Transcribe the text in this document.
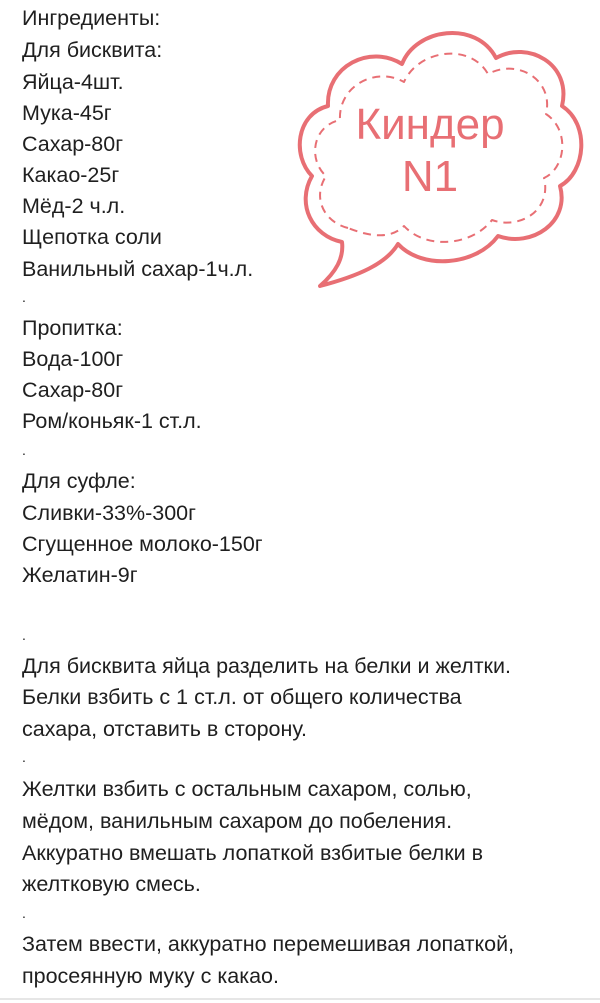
Ингредиенты:
Для бисквита:
Яйца-4шт.
Мука-45г
Сахар-80г
Какао-25г
Мёд-2 ч.л.
Щепотка соли
Ванильный сахар-1ч.л.
.
Пропитка:
Вода-100г
Сахар-80г
Ром/коньяк-1 ст.л.
.
Для суфле:
Сливки-33%-300г
Сгущенное молоко-150г
Желатин-9г
.
Для бисквита яйца разделить на белки и желтки.
Белки взбить с 1 ст.л. от общего количества
сахара, отставить в сторону.
.
Желтки взбить с остальным сахаром, солью,
мёдом, ванильным сахаром до побеления.
Аккуратно вмешать лопаткой взбитые белки в
желтковую смесь.
.
Затем ввести, аккуратно перемешивая лопаткой,
просеянную муку с какао.
Киндер
N1
